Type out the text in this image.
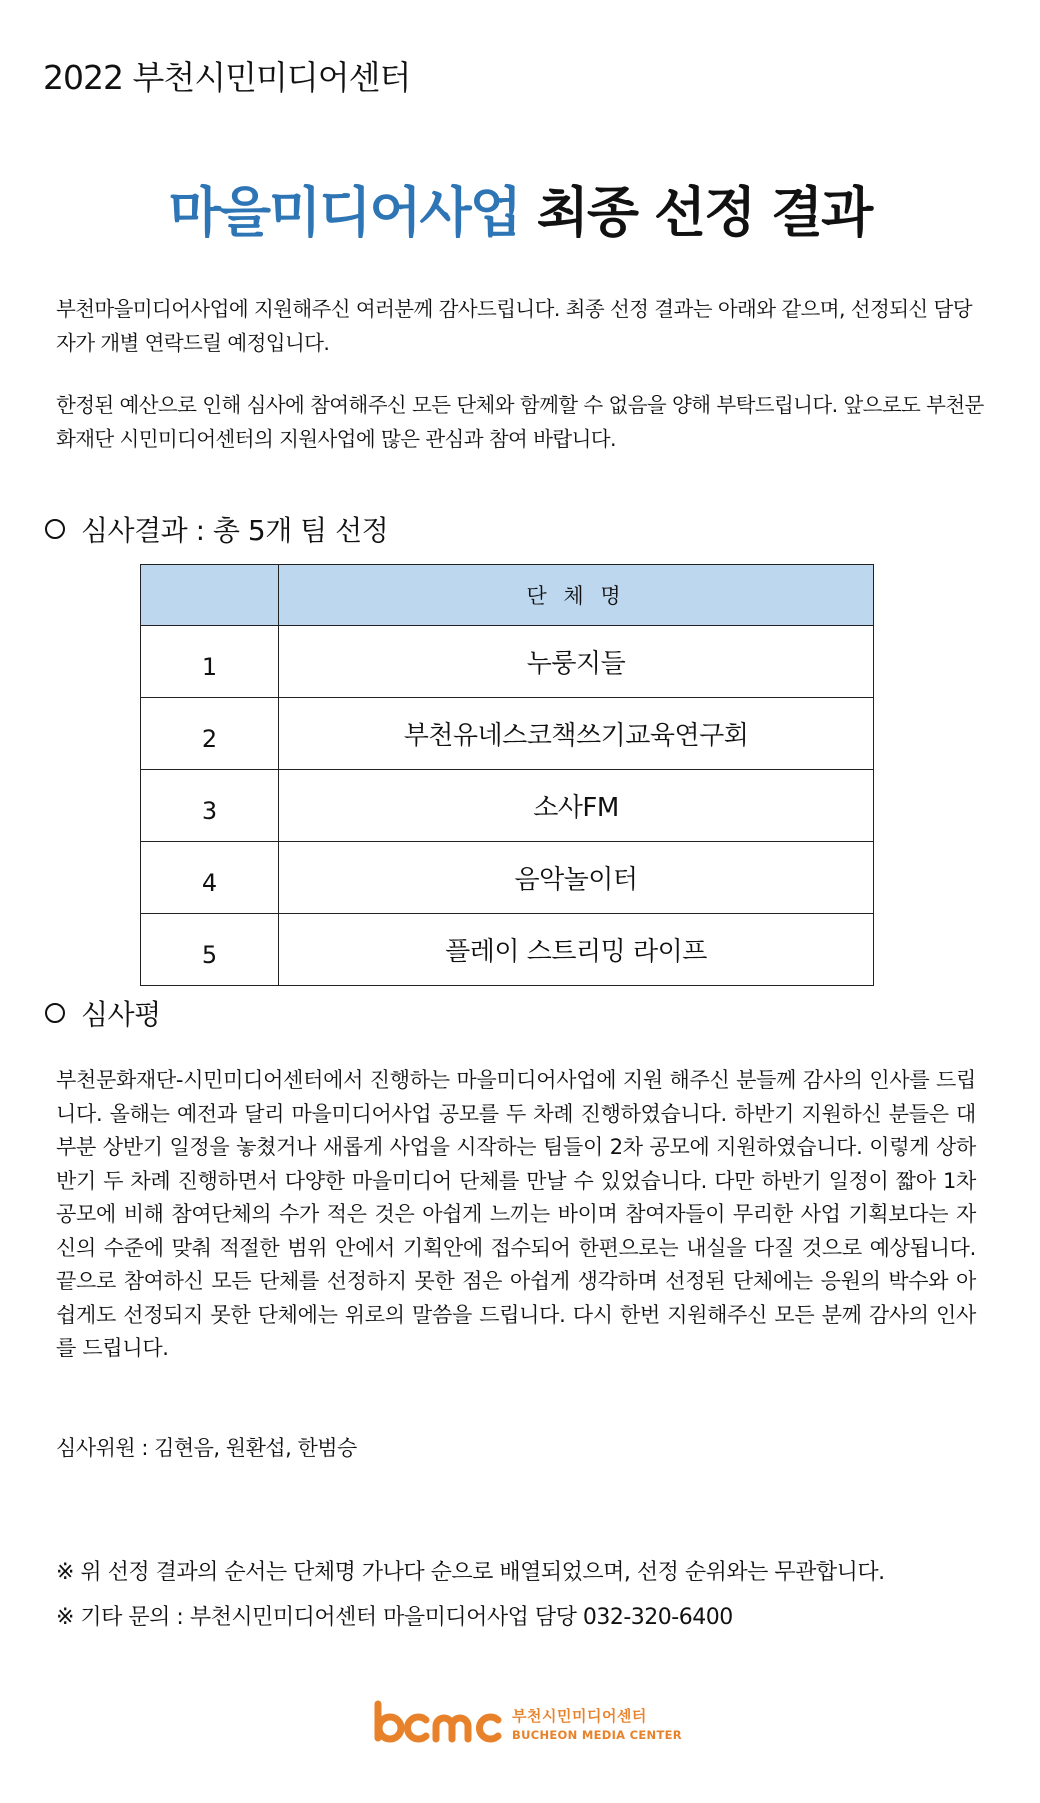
2022 부천시민미디어센터
마을미디어사업 최종 선정 결과

부천마을미디어사업에 지원해주신 여러분께 감사드립니다. 최종 선정 결과는 아래와 같으며, 선정되신 담당자가 개별 연락드릴 예정입니다.

한정된 예산으로 인해 심사에 참여해주신 모든 단체와 함께할 수 없음을 양해 부탁드립니다. 앞으로도 부천문화재단 시민미디어센터의 지원사업에 많은 관심과 참여 바랍니다.

심사결과 : 총 5개 팀 선정
	단 체 명
1	누룽지들
2	부천유네스코책쓰기교육연구회
3	소사FM
4	음악놀이터
5	플레이 스트리밍 라이프
심사평

부천문화재단-시민미디어센터에서 진행하는 마을미디어사업에 지원 해주신 분들께 감사의 인사를 드립니다. 올해는 예전과 달리 마을미디어사업 공모를 두 차례 진행하였습니다. 하반기 지원하신 분들은 대부분 상반기 일정을 놓쳤거나 새롭게 사업을 시작하는 팀들이 2차 공모에 지원하였습니다. 이렇게 상하반기 두 차례 진행하면서 다양한 마을미디어 단체를 만날 수 있었습니다. 다만 하반기 일정이 짧아 1차 공모에 비해 참여단체의 수가 적은 것은 아쉽게 느끼는 바이며 참여자들이 무리한 사업 기획보다는 자신의 수준에 맞춰 적절한 범위 안에서 기획안에 접수되어 한편으로는 내실을 다질 것으로 예상됩니다. 끝으로 참여하신 모든 단체를 선정하지 못한 점은 아쉽게 생각하며 선정된 단체에는 응원의 박수와 아쉽게도 선정되지 못한 단체에는 위로의 말씀을 드립니다. 다시 한번 지원해주신 모든 분께 감사의 인사를 드립니다.

심사위원 : 김현음, 원환섭, 한범승
※ 위 선정 결과의 순서는 단체명 가나다 순으로 배열되었으며, 선정 순위와는 무관합니다.
※ 기타 문의 : 부천시민미디어센터 마을미디어사업 담당 032-320-6400
부천시민미디어센터
BUCHEON MEDIA CENTER
